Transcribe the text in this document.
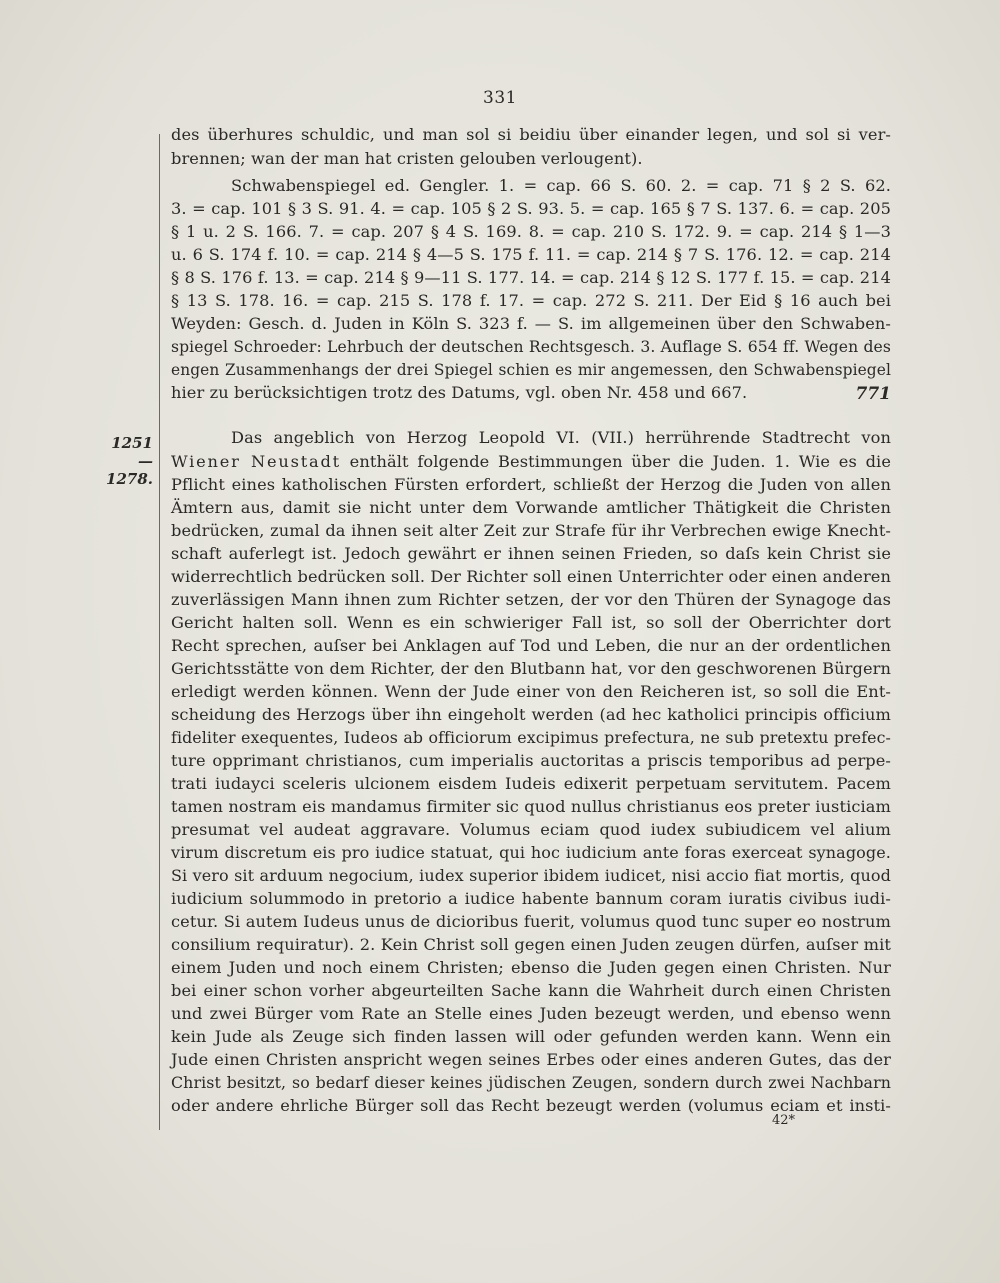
331
des überhures schuldic, und man sol si beidiu über einander legen, und sol si ver-
brennen; wan der man hat cristen gelouben verlougent).
Schwabenspiegel ed. Gengler. 1. = cap. 66 S. 60. 2. = cap. 71 § 2 S. 62.
3. = cap. 101 § 3 S. 91. 4. = cap. 105 § 2 S. 93. 5. = cap. 165 § 7 S. 137. 6. = cap. 205
§ 1 u. 2 S. 166. 7. = cap. 207 § 4 S. 169. 8. = cap. 210 S. 172. 9. = cap. 214 § 1—3
u. 6 S. 174 f. 10. = cap. 214 § 4—5 S. 175 f. 11. = cap. 214 § 7 S. 176. 12. = cap. 214
§ 8 S. 176 f. 13. = cap. 214 § 9—11 S. 177. 14. = cap. 214 § 12 S. 177 f. 15. = cap. 214
§ 13 S. 178. 16. = cap. 215 S. 178 f. 17. = cap. 272 S. 211. Der Eid § 16 auch bei
Weyden: Gesch. d. Juden in Köln S. 323 f. — S. im allgemeinen über den Schwaben-
spiegel Schroeder: Lehrbuch der deutschen Rechtsgesch. 3. Auflage S. 654 ff. Wegen des
engen Zusammenhangs der drei Spiegel schien es mir angemessen, den Schwabenspiegel
hier zu berücksichtigen trotz des Datums, vgl. oben Nr. 458 und 667.	771
1251
—1278.
Das angeblich von Herzog Leopold VI. (VII.) herrührende Stadtrecht von
Wiener Neustadt enthält folgende Bestimmungen über die Juden. 1. Wie es die
Pflicht eines katholischen Fürsten erfordert, schließt der Herzog die Juden von allen
Ämtern aus, damit sie nicht unter dem Vorwande amtlicher Thätigkeit die Christen
bedrücken, zumal da ihnen seit alter Zeit zur Strafe für ihr Verbrechen ewige Knecht-
schaft auferlegt ist. Jedoch gewährt er ihnen seinen Frieden, so daſs kein Christ sie
widerrechtlich bedrücken soll. Der Richter soll einen Unterrichter oder einen anderen
zuverlässigen Mann ihnen zum Richter setzen, der vor den Thüren der Synagoge das
Gericht halten soll. Wenn es ein schwieriger Fall ist, so soll der Oberrichter dort
Recht sprechen, auſser bei Anklagen auf Tod und Leben, die nur an der ordentlichen
Gerichtsstätte von dem Richter, der den Blutbann hat, vor den geschworenen Bürgern
erledigt werden können. Wenn der Jude einer von den Reicheren ist, so soll die Ent-
scheidung des Herzogs über ihn eingeholt werden (ad hec katholici principis officium
fideliter exequentes, Iudeos ab officiorum excipimus prefectura, ne sub pretextu prefec-
ture opprimant christianos, cum imperialis auctoritas a priscis temporibus ad perpe-
trati iudayci sceleris ulcionem eisdem Iudeis edixerit perpetuam servitutem. Pacem
tamen nostram eis mandamus firmiter sic quod nullus christianus eos preter iusticiam
presumat vel audeat aggravare. Volumus eciam quod iudex subiudicem vel alium
virum discretum eis pro iudice statuat, qui hoc iudicium ante foras exerceat synagoge.
Si vero sit arduum negocium, iudex superior ibidem iudicet, nisi accio fiat mortis, quod
iudicium solummodo in pretorio a iudice habente bannum coram iuratis civibus iudi-
cetur. Si autem Iudeus unus de dicioribus fuerit, volumus quod tunc super eo nostrum
consilium requiratur). 2. Kein Christ soll gegen einen Juden zeugen dürfen, auſser mit
einem Juden und noch einem Christen; ebenso die Juden gegen einen Christen. Nur
bei einer schon vorher abgeurteilten Sache kann die Wahrheit durch einen Christen
und zwei Bürger vom Rate an Stelle eines Juden bezeugt werden, und ebenso wenn
kein Jude als Zeuge sich finden lassen will oder gefunden werden kann. Wenn ein
Jude einen Christen anspricht wegen seines Erbes oder eines anderen Gutes, das der
Christ besitzt, so bedarf dieser keines jüdischen Zeugen, sondern durch zwei Nachbarn
oder andere ehrliche Bürger soll das Recht bezeugt werden (volumus eciam et insti-
42*
